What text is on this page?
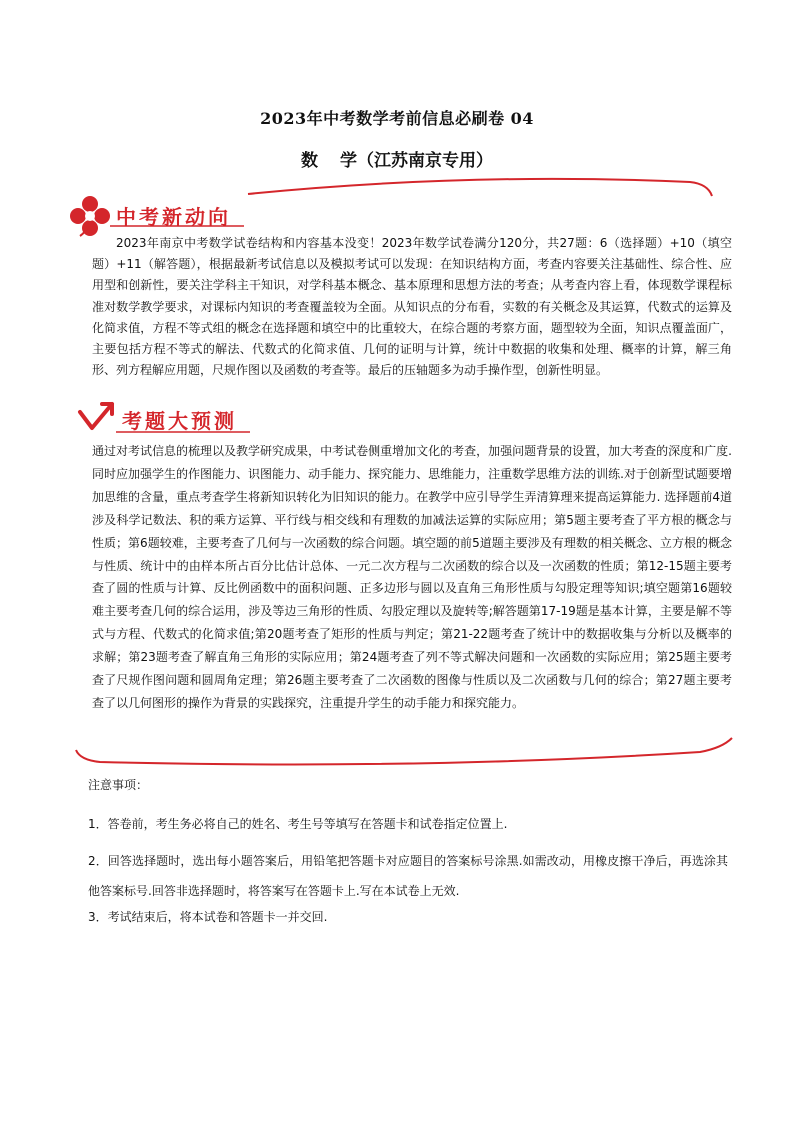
2023年中考数学考前信息必刷卷 04
数 学（江苏南京专用）
中考新动向
2023年南京中考数学试卷结构和内容基本没变！2023年数学试卷满分120分，共27题：6（选择题）+10（填空题）+11（解答题），根据最新考试信息以及模拟考试可以发现：在知识结构方面，考查内容要关注基础性、综合性、应用型和创新性，要关注学科主干知识，对学科基本概念、基本原理和思想方法的考查；从考查内容上看，体现数学课程标准对数学教学要求，对课标内知识的考查覆盖较为全面。从知识点的分布看，实数的有关概念及其运算，代数式的运算及化简求值，方程不等式组的概念在选择题和填空中的比重较大，在综合题的考察方面，题型较为全面，知识点覆盖面广，主要包括方程不等式的解法、代数式的化简求值、几何的证明与计算，统计中数据的收集和处理、概率的计算，解三角形、列方程解应用题，尺规作图以及函数的考查等。最后的压轴题多为动手操作型，创新性明显。
考题大预测
通过对考试信息的梳理以及教学研究成果，中考试卷侧重增加文化的考查，加强问题背景的设置，加大考查的深度和广度.同时应加强学生的作图能力、识图能力、动手能力、探究能力、思维能力，注重数学思维方法的训练.对于创新型试题要增加思维的含量，重点考查学生将新知识转化为旧知识的能力。在教学中应引导学生弄清算理来提高运算能力. 选择题前4道涉及科学记数法、积的乘方运算、平行线与相交线和有理数的加减法运算的实际应用；第5题主要考查了平方根的概念与性质；第6题较难，主要考查了几何与一次函数的综合问题。填空题的前5道题主要涉及有理数的相关概念、立方根的概念与性质、统计中的由样本所占百分比估计总体、一元二次方程与二次函数的综合以及一次函数的性质；第12-15题主要考查了圆的性质与计算、反比例函数中的面积问题、正多边形与圆以及直角三角形性质与勾股定理等知识;填空题第16题较难主要考查几何的综合运用，涉及等边三角形的性质、勾股定理以及旋转等;解答题第17-19题是基本计算，主要是解不等式与方程、代数式的化简求值;第20题考查了矩形的性质与判定；第21-22题考查了统计中的数据收集与分析以及概率的求解；第23题考查了解直角三角形的实际应用；第24题考查了列不等式解决问题和一次函数的实际应用；第25题主要考查了尺规作图问题和圆周角定理；第26题主要考查了二次函数的图像与性质以及二次函数与几何的综合；第27题主要考查了以几何图形的操作为背景的实践探究，注重提升学生的动手能力和探究能力。
注意事项：
1．答卷前，考生务必将自己的姓名、考生号等填写在答题卡和试卷指定位置上.
2．回答选择题时，选出每小题答案后，用铅笔把答题卡对应题目的答案标号涂黑.如需改动，用橡皮擦干净后，再选涂其他答案标号.回答非选择题时，将答案写在答题卡上.写在本试卷上无效.
3．考试结束后，将本试卷和答题卡一并交回.
